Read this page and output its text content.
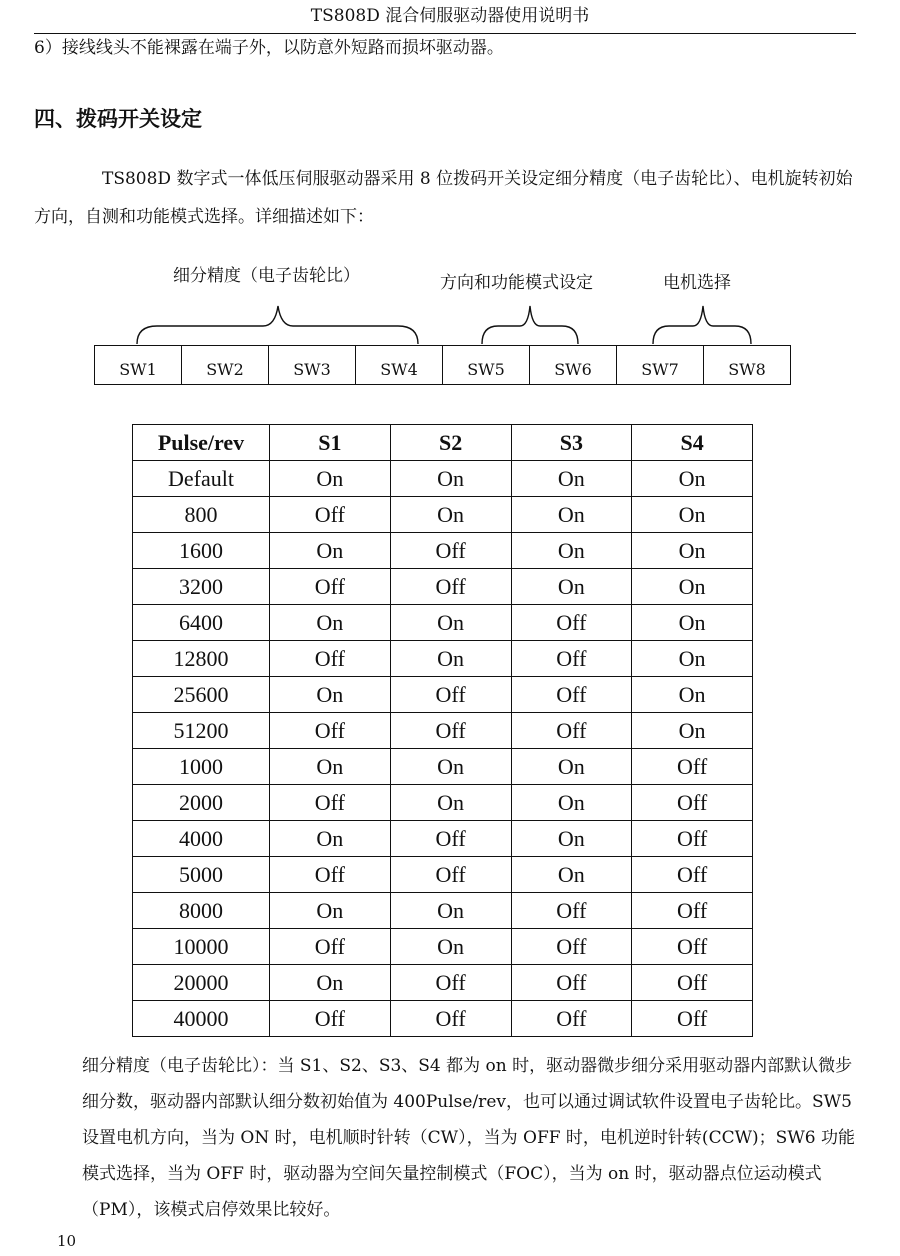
TS808D 混合伺服驱动器使用说明书

6）接线线头不能裸露在端子外，以防意外短路而损坏驱动器。

四、拨码开关设定

TS808D 数字式一体低压伺服驱动器采用 8 位拨码开关设定细分精度（电子齿轮比）、电机旋转初始方向，自测和功能模式选择。详细描述如下：

细分精度（电子齿轮比）	方向和功能模式设定	电机选择
SW1	SW2	SW3	SW4	SW5	SW6	SW7	SW8
Pulse/rev	S1	S2	S3	S4
Default	On	On	On	On
800	Off	On	On	On
1600	On	Off	On	On
3200	Off	Off	On	On
6400	On	On	Off	On
12800	Off	On	Off	On
25600	On	Off	Off	On
51200	Off	Off	Off	On
1000	On	On	On	Off
2000	Off	On	On	Off
4000	On	Off	On	Off
5000	Off	Off	On	Off
8000	On	On	Off	Off
10000	Off	On	Off	Off
20000	On	Off	Off	Off
40000	Off	Off	Off	Off

细分精度（电子齿轮比）：当 S1、S2、S3、S4 都为 on 时，驱动器微步细分采用驱动器内部默认微步细分数，驱动器内部默认细分数初始值为 400Pulse/rev，也可以通过调试软件设置电子齿轮比。SW5 设置电机方向，当为 ON 时，电机顺时针转（CW），当为 OFF 时，电机逆时针转(CCW)；SW6 功能模式选择，当为 OFF 时，驱动器为空间矢量控制模式（FOC），当为 on 时，驱动器点位运动模式（PM），该模式启停效果比较好。

10
